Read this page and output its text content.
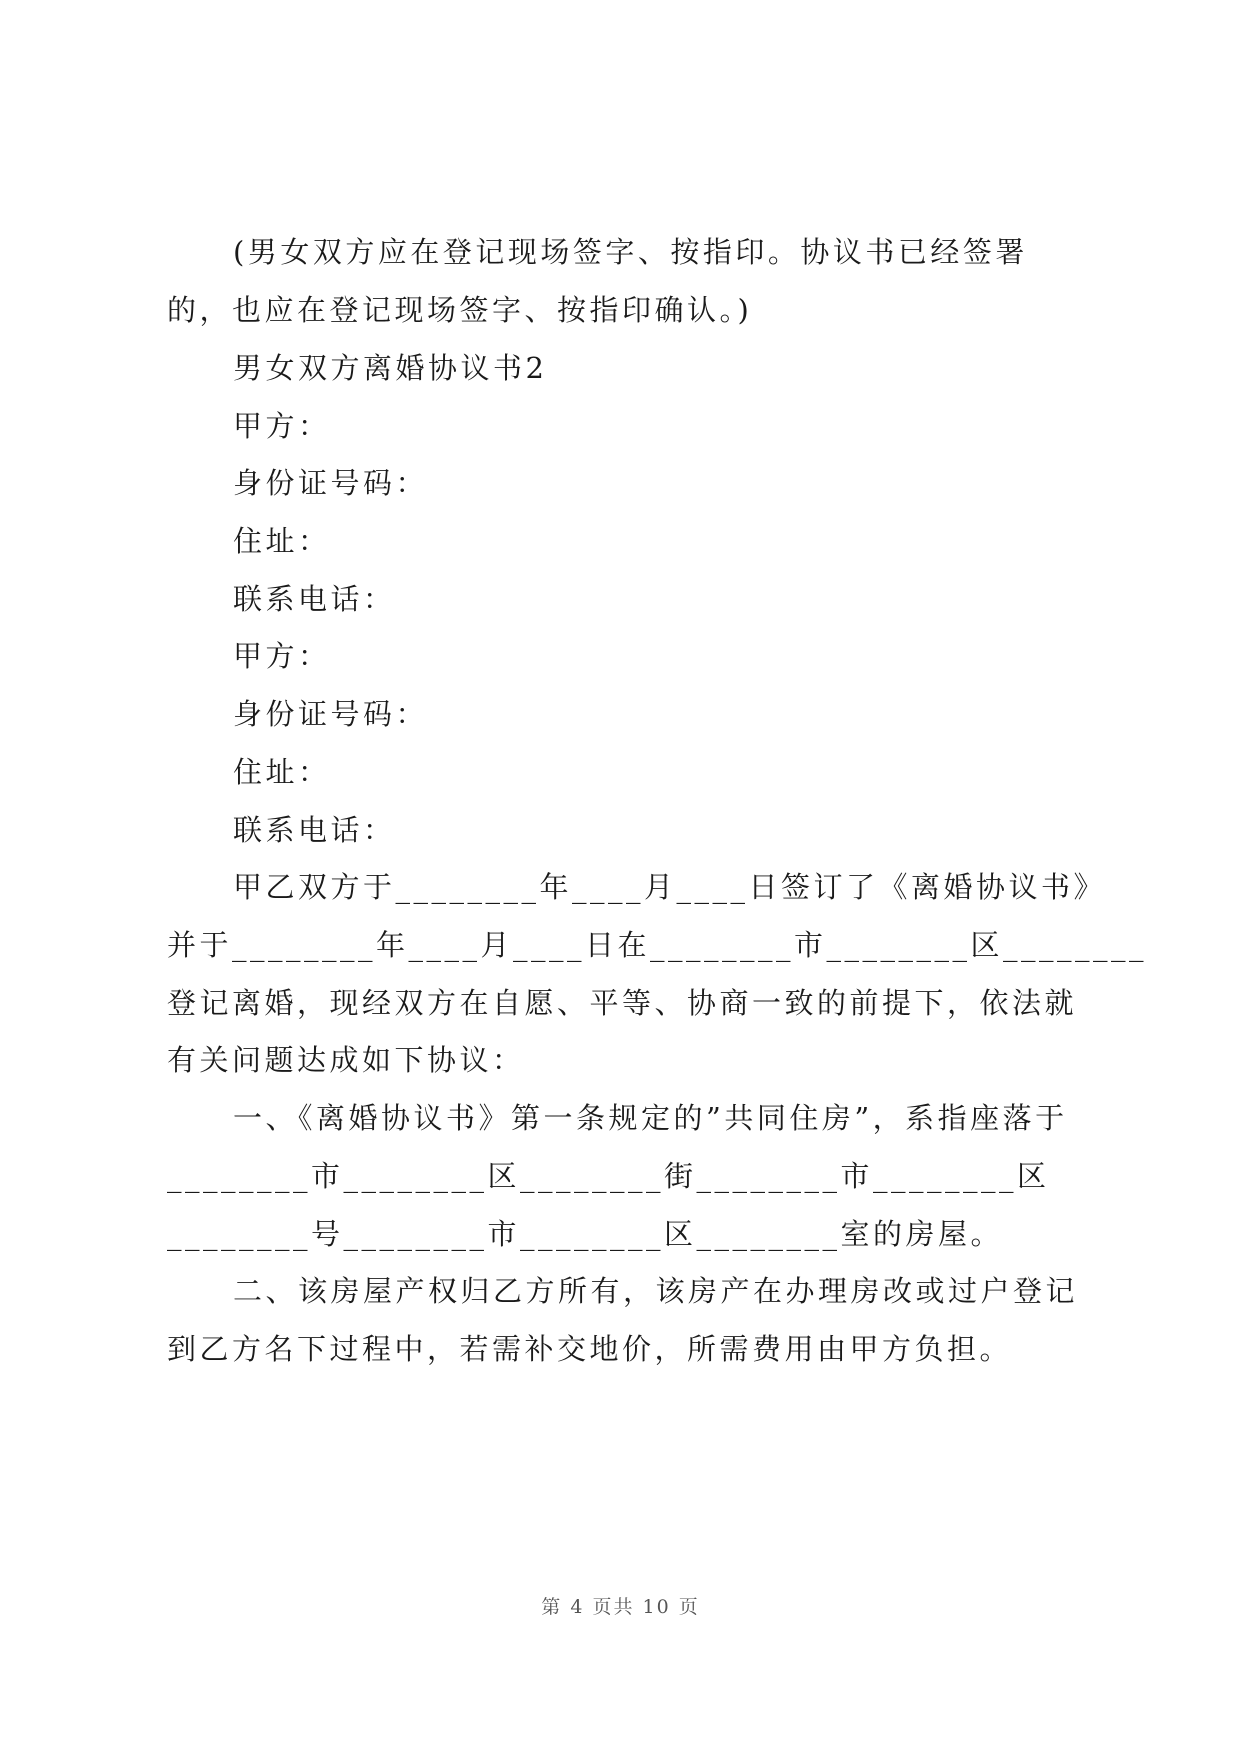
(男女双方应在登记现场签字、按指印。协议书已经签署
的，也应在登记现场签字、按指印确认。)
男女双方离婚协议书2
甲方：
身份证号码：
住址：
联系电话：
甲方：
身份证号码：
住址：
联系电话：
甲乙双方于________年____月____日签订了《离婚协议书》
并于________年____月____日在________市________区________
登记离婚，现经双方在自愿、平等、协商一致的前提下，依法就
有关问题达成如下协议：
一、《离婚协议书》第一条规定的”共同住房”，系指座落于
________市________区________街________市________区
________号________市________区________室的房屋。
二、该房屋产权归乙方所有，该房产在办理房改或过户登记
到乙方名下过程中，若需补交地价，所需费用由甲方负担。
第 4 页共 10 页
